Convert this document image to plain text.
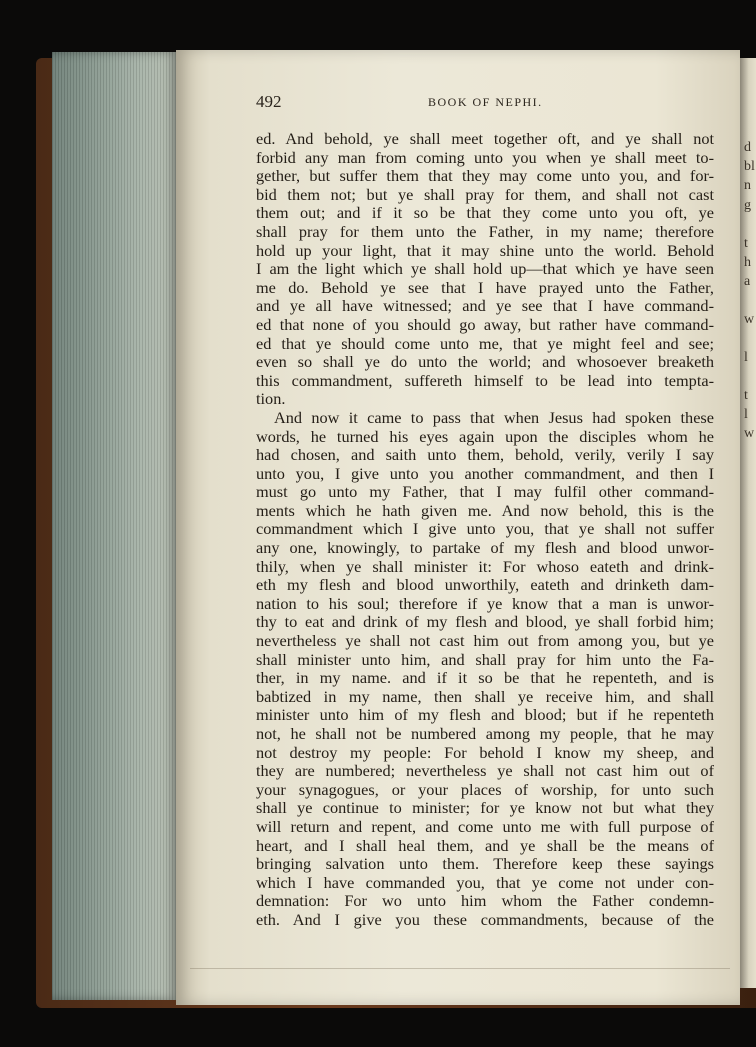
d
bl
n
g
t
h
a
w
l
t
l
w
492	BOOK OF NEPHI.
ed. And behold, ye shall meet together oft, and ye shall not
forbid any man from coming unto you when ye shall meet to-
gether, but suffer them that they may come unto you, and for-
bid them not; but ye shall pray for them, and shall not cast
them out; and if it so be that they come unto you oft, ye
shall pray for them unto the Father, in my name; therefore
hold up your light, that it may shine unto the world. Behold
I am the light which ye shall hold up—that which ye have seen
me do. Behold ye see that I have prayed unto the Father,
and ye all have witnessed; and ye see that I have command-
ed that none of you should go away, but rather have command-
ed that ye should come unto me, that ye might feel and see;
even so shall ye do unto the world; and whosoever breaketh
this commandment, suffereth himself to be lead into tempta-
tion.
And now it came to pass that when Jesus had spoken these
words, he turned his eyes again upon the disciples whom he
had chosen, and saith unto them, behold, verily, verily I say
unto you, I give unto you another commandment, and then I
must go unto my Father, that I may fulfil other command-
ments which he hath given me. And now behold, this is the
commandment which I give unto you, that ye shall not suffer
any one, knowingly, to partake of my flesh and blood unwor-
thily, when ye shall minister it: For whoso eateth and drink-
eth my flesh and blood unworthily, eateth and drinketh dam-
nation to his soul; therefore if ye know that a man is unwor-
thy to eat and drink of my flesh and blood, ye shall forbid him;
nevertheless ye shall not cast him out from among you, but ye
shall minister unto him, and shall pray for him unto the Fa-
ther, in my name. and if it so be that he repenteth, and is
babtized in my name, then shall ye receive him, and shall
minister unto him of my flesh and blood; but if he repenteth
not, he shall not be numbered among my people, that he may
not destroy my people: For behold I know my sheep, and
they are numbered; nevertheless ye shall not cast him out of
your synagogues, or your places of worship, for unto such
shall ye continue to minister; for ye know not but what they
will return and repent, and come unto me with full purpose of
heart, and I shall heal them, and ye shall be the means of
bringing salvation unto them. Therefore keep these sayings
which I have commanded you, that ye come not under con-
demnation: For wo unto him whom the Father condemn-
eth. And I give you these commandments, because of the
